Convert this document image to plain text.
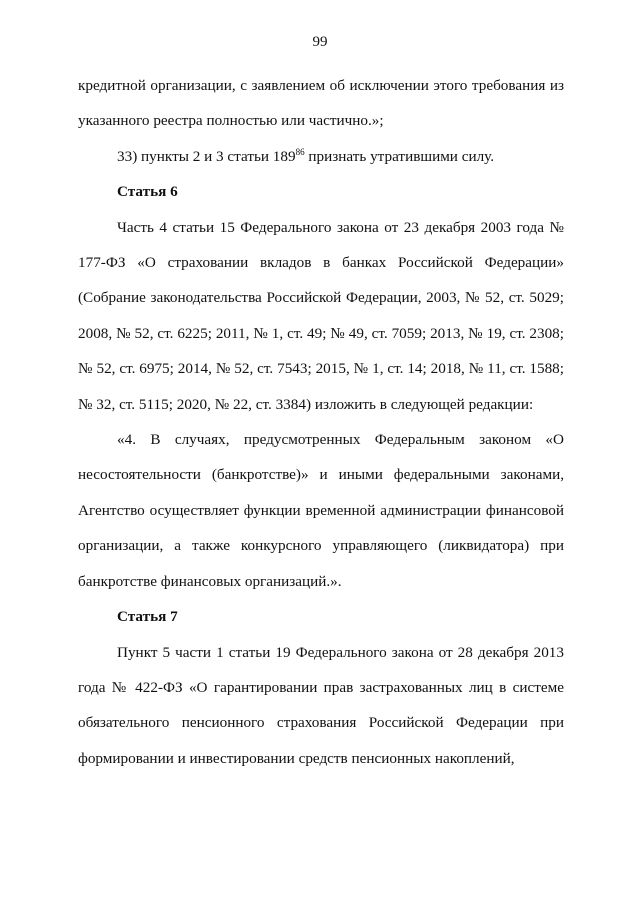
99

кредитной организации, с заявлением об исключении этого требования из указанного реестра полностью или частично.»;

33) пункты 2 и 3 статьи $189^{86}$ признать утратившими силу.

Статья 6

Часть 4 статьи 15 Федерального закона от 23 декабря 2003 года № 177-ФЗ «О страховании вкладов в банках Российской Федерации» (Собрание законодательства Российской Федерации, 2003, № 52, ст. 5029; 2008, № 52, ст. 6225; 2011, № 1, ст. 49; № 49, ст. 7059; 2013, № 19, ст. 2308; № 52, ст. 6975; 2014, № 52, ст. 7543; 2015, № 1, ст. 14; 2018, № 11, ст. 1588; № 32, ст. 5115; 2020, № 22, ст. 3384) изложить в следующей редакции:

«4. В случаях, предусмотренных Федеральным законом «О несостоятельности (банкротстве)» и иными федеральными законами, Агентство осуществляет функции временной администрации финансовой организации, а также конкурсного управляющего (ликвидатора) при банкротстве финансовых организаций.».

Статья 7

Пункт 5 части 1 статьи 19 Федерального закона от 28 декабря 2013 года № 422-ФЗ «О гарантировании прав застрахованных лиц в системе обязательного пенсионного страхования Российской Федерации при формировании и инвестировании средств пенсионных накоплений,
